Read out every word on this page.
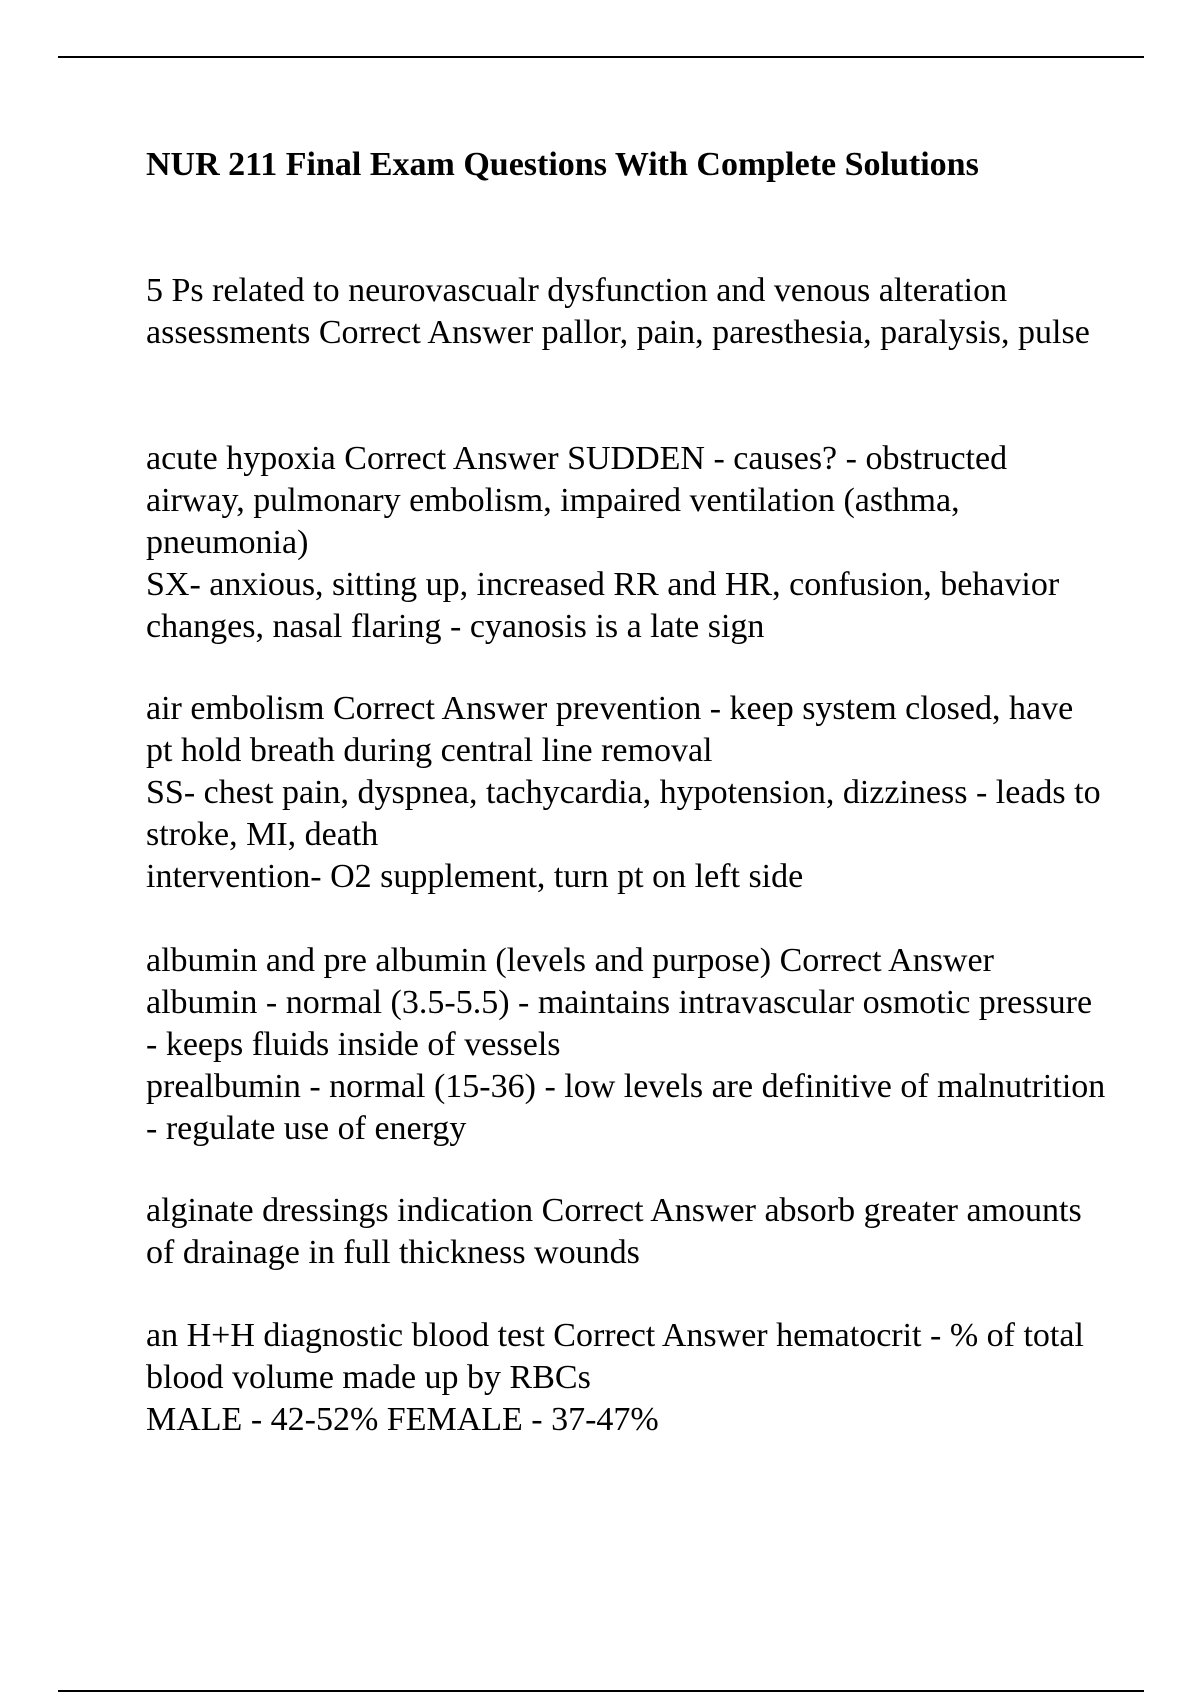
NUR 211 Final Exam Questions With Complete Solutions
5 Ps related to neurovascualr dysfunction and venous alteration assessments Correct Answer pallor, pain, paresthesia, paralysis, pulse
acute hypoxia Correct Answer SUDDEN - causes? - obstructed airway, pulmonary embolism, impaired ventilation (asthma, pneumonia)
SX- anxious, sitting up, increased RR and HR, confusion, behavior changes, nasal flaring - cyanosis is a late sign
air embolism Correct Answer prevention - keep system closed, have pt hold breath during central line removal
SS- chest pain, dyspnea, tachycardia, hypotension, dizziness - leads to stroke, MI, death
intervention- O2 supplement, turn pt on left side
albumin and pre albumin (levels and purpose) Correct Answer albumin - normal (3.5-5.5) - maintains intravascular osmotic pressure - keeps fluids inside of vessels
prealbumin - normal (15-36) - low levels are definitive of malnutrition - regulate use of energy
alginate dressings indication Correct Answer absorb greater amounts of drainage in full thickness wounds
an H+H diagnostic blood test Correct Answer hematocrit - % of total blood volume made up by RBCs
MALE - 42-52% FEMALE - 37-47%
